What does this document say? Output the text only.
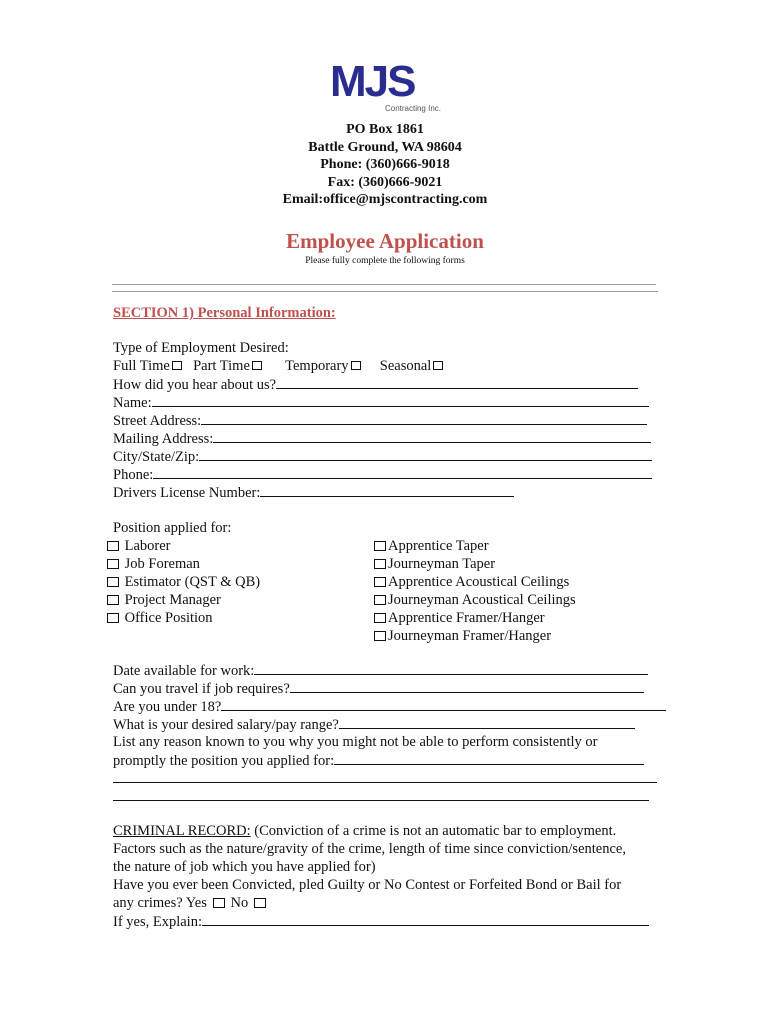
MJS
Contracting Inc.
PO Box 1861
Battle Ground, WA 98604
Phone: (360)666-9018
Fax: (360)666-9021
Email:office@mjscontracting.com
Employee Application
Please fully complete the following forms
SECTION 1) Personal Information:
Type of Employment Desired:
Full Time Part Time Temporary Seasonal
How did you hear about us?
Name:
Street Address:
Mailing Address:
City/State/Zip:
Phone:
Drivers License Number:
Position applied for:
Laborer
Job Foreman
Estimator (QST & QB)
Project Manager
Office Position
Apprentice Taper
Journeyman Taper
Apprentice Acoustical Ceilings
Journeyman Acoustical Ceilings
Apprentice Framer/Hanger
Journeyman Framer/Hanger
Date available for work:
Can you travel if job requires?
Are you under 18?
What is your desired salary/pay range?
List any reason known to you why you might not be able to perform consistently or
promptly the position you applied for:
CRIMINAL RECORD: (Conviction of a crime is not an automatic bar to employment.
Factors such as the nature/gravity of the crime, length of time since conviction/sentence,
the nature of job which you have applied for)
Have you ever been Convicted, pled Guilty or No Contest or Forfeited Bond or Bail for
any crimes? Yes No
If yes, Explain:
